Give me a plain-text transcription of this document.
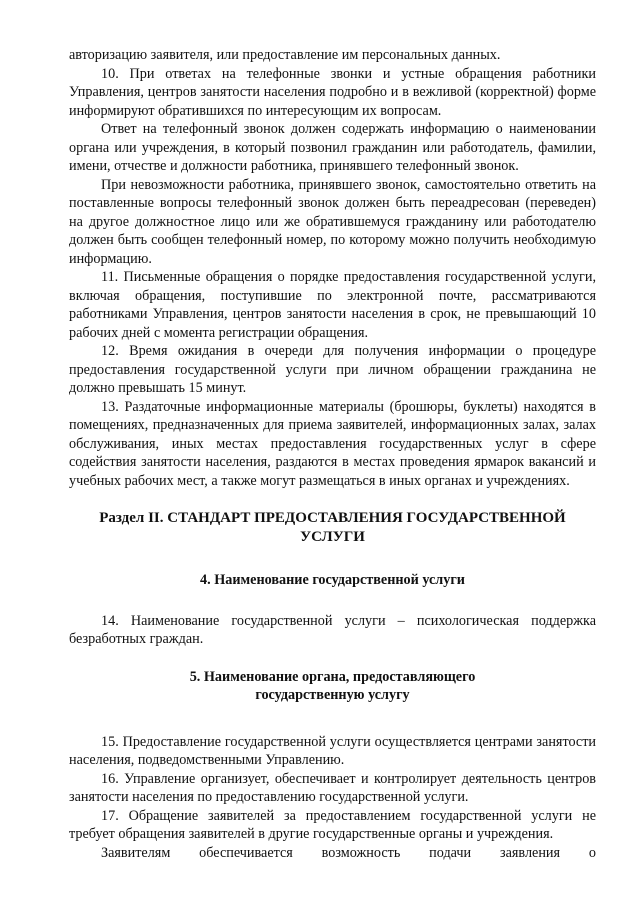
авторизацию заявителя, или предоставление им персональных данных.

10. При ответах на телефонные звонки и устные обращения работники Управления, центров занятости населения подробно и в вежливой (корректной) форме информируют обратившихся по интересующим их вопросам.

Ответ на телефонный звонок должен содержать информацию о наименовании органа или учреждения, в который позвонил гражданин или работодатель, фамилии, имени, отчестве и должности работника, принявшего телефонный звонок.

При невозможности работника, принявшего звонок, самостоятельно ответить на поставленные вопросы телефонный звонок должен быть переадресован (переведен) на другое должностное лицо или же обратившемуся гражданину или работодателю должен быть сообщен телефонный номер, по которому можно получить необходимую информацию.

11. Письменные обращения о порядке предоставления государственной услуги, включая обращения, поступившие по электронной почте, рассматриваются работниками Управления, центров занятости населения в срок, не превышающий 10 рабочих дней с момента регистрации обращения.

12. Время ожидания в очереди для получения информации о процедуре предоставления государственной услуги при личном обращении гражданина не должно превышать 15 минут.

13. Раздаточные информационные материалы (брошюры, буклеты) находятся в помещениях, предназначенных для приема заявителей, информационных залах, залах обслуживания, иных местах предоставления государственных услуг в сфере содействия занятости населения, раздаются в местах проведения ярмарок вакансий и учебных рабочих мест, а также могут размещаться в иных органах и учреждениях.

Раздел II. СТАНДАРТ ПРЕДОСТАВЛЕНИЯ ГОСУДАРСТВЕННОЙ
УСЛУГИ

4. Наименование государственной услуги

14. Наименование государственной услуги – психологическая поддержка безработных граждан.

5. Наименование органа, предоставляющего
государственную услугу

15. Предоставление государственной услуги осуществляется центрами занятости населения, подведомственными Управлению.

16. Управление организует, обеспечивает и контролирует деятельность центров занятости населения по предоставлению государственной услуги.

17. Обращение заявителей за предоставлением государственной услуги не требует обращения заявителей в другие государственные органы и учреждения.

Заявителям обеспечивается возможность подачи заявления о
